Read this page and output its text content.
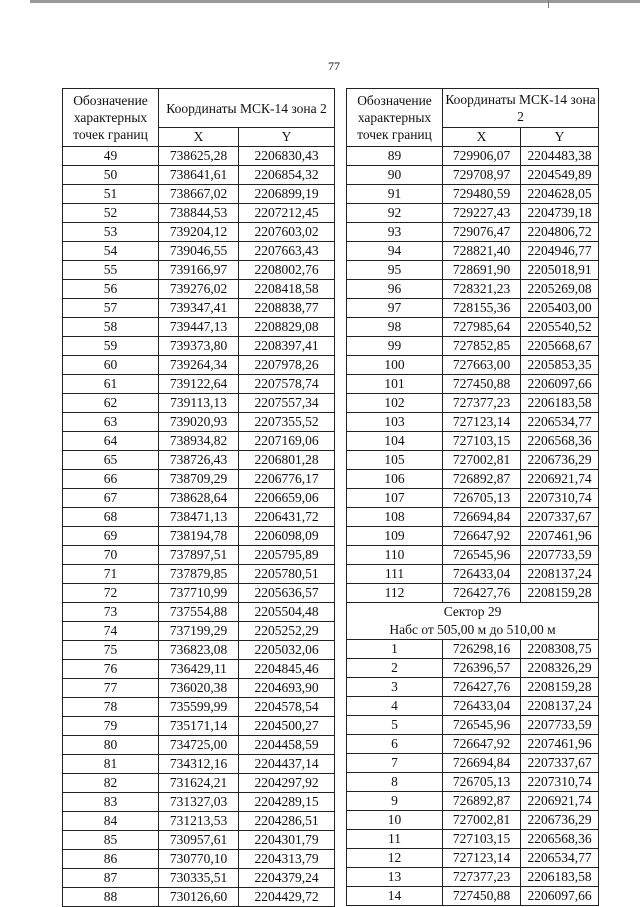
77
Обозначение характерных точек границ	Координаты МСК-14 зона 2	
	X	Y
49	738625,28	2206830,43
50	738641,61	2206854,32
51	738667,02	2206899,19
52	738844,53	2207212,45
53	739204,12	2207603,02
54	739046,55	2207663,43
55	739166,97	2208002,76
56	739276,02	2208418,58
57	739347,41	2208838,77
58	739447,13	2208829,08
59	739373,80	2208397,41
60	739264,34	2207978,26
61	739122,64	2207578,74
62	739113,13	2207557,34
63	739020,93	2207355,52
64	738934,82	2207169,06
65	738726,43	2206801,28
66	738709,29	2206776,17
67	738628,64	2206659,06
68	738471,13	2206431,72
69	738194,78	2206098,09
70	737897,51	2205795,89
71	737879,85	2205780,51
72	737710,99	2205636,57
73	737554,88	2205504,48
74	737199,29	2205252,29
75	736823,08	2205032,06
76	736429,11	2204845,46
77	736020,38	2204693,90
78	735599,99	2204578,54
79	735171,14	2204500,27
80	734725,00	2204458,59
81	734312,16	2204437,14
82	731624,21	2204297,92
83	731327,03	2204289,15
84	731213,53	2204286,51
85	730957,61	2204301,79
86	730770,10	2204313,79
87	730335,51	2204379,24
88	730126,60	2204429,72
Обозначение характерных точек границ	Координаты МСК-14 зона 2	
	X	Y
89	729906,07	2204483,38
90	729708,97	2204549,89
91	729480,59	2204628,05
92	729227,43	2204739,18
93	729076,47	2204806,72
94	728821,40	2204946,77
95	728691,90	2205018,91
96	728321,23	2205269,08
97	728155,36	2205403,00
98	727985,64	2205540,52
99	727852,85	2205668,67
100	727663,00	2205853,35
101	727450,88	2206097,66
102	727377,23	2206183,58
103	727123,14	2206534,77
104	727103,15	2206568,36
105	727002,81	2206736,29
106	726892,87	2206921,74
107	726705,13	2207310,74
108	726694,84	2207337,67
109	726647,92	2207461,96
110	726545,96	2207733,59
111	726433,04	2208137,24
112	726427,76	2208159,28
Сектор 29
Набс от 505,00 м до 510,00 м		
1	726298,16	2208308,75
2	726396,57	2208326,29
3	726427,76	2208159,28
4	726433,04	2208137,24
5	726545,96	2207733,59
6	726647,92	2207461,96
7	726694,84	2207337,67
8	726705,13	2207310,74
9	726892,87	2206921,74
10	727002,81	2206736,29
11	727103,15	2206568,36
12	727123,14	2206534,77
13	727377,23	2206183,58
14	727450,88	2206097,66
